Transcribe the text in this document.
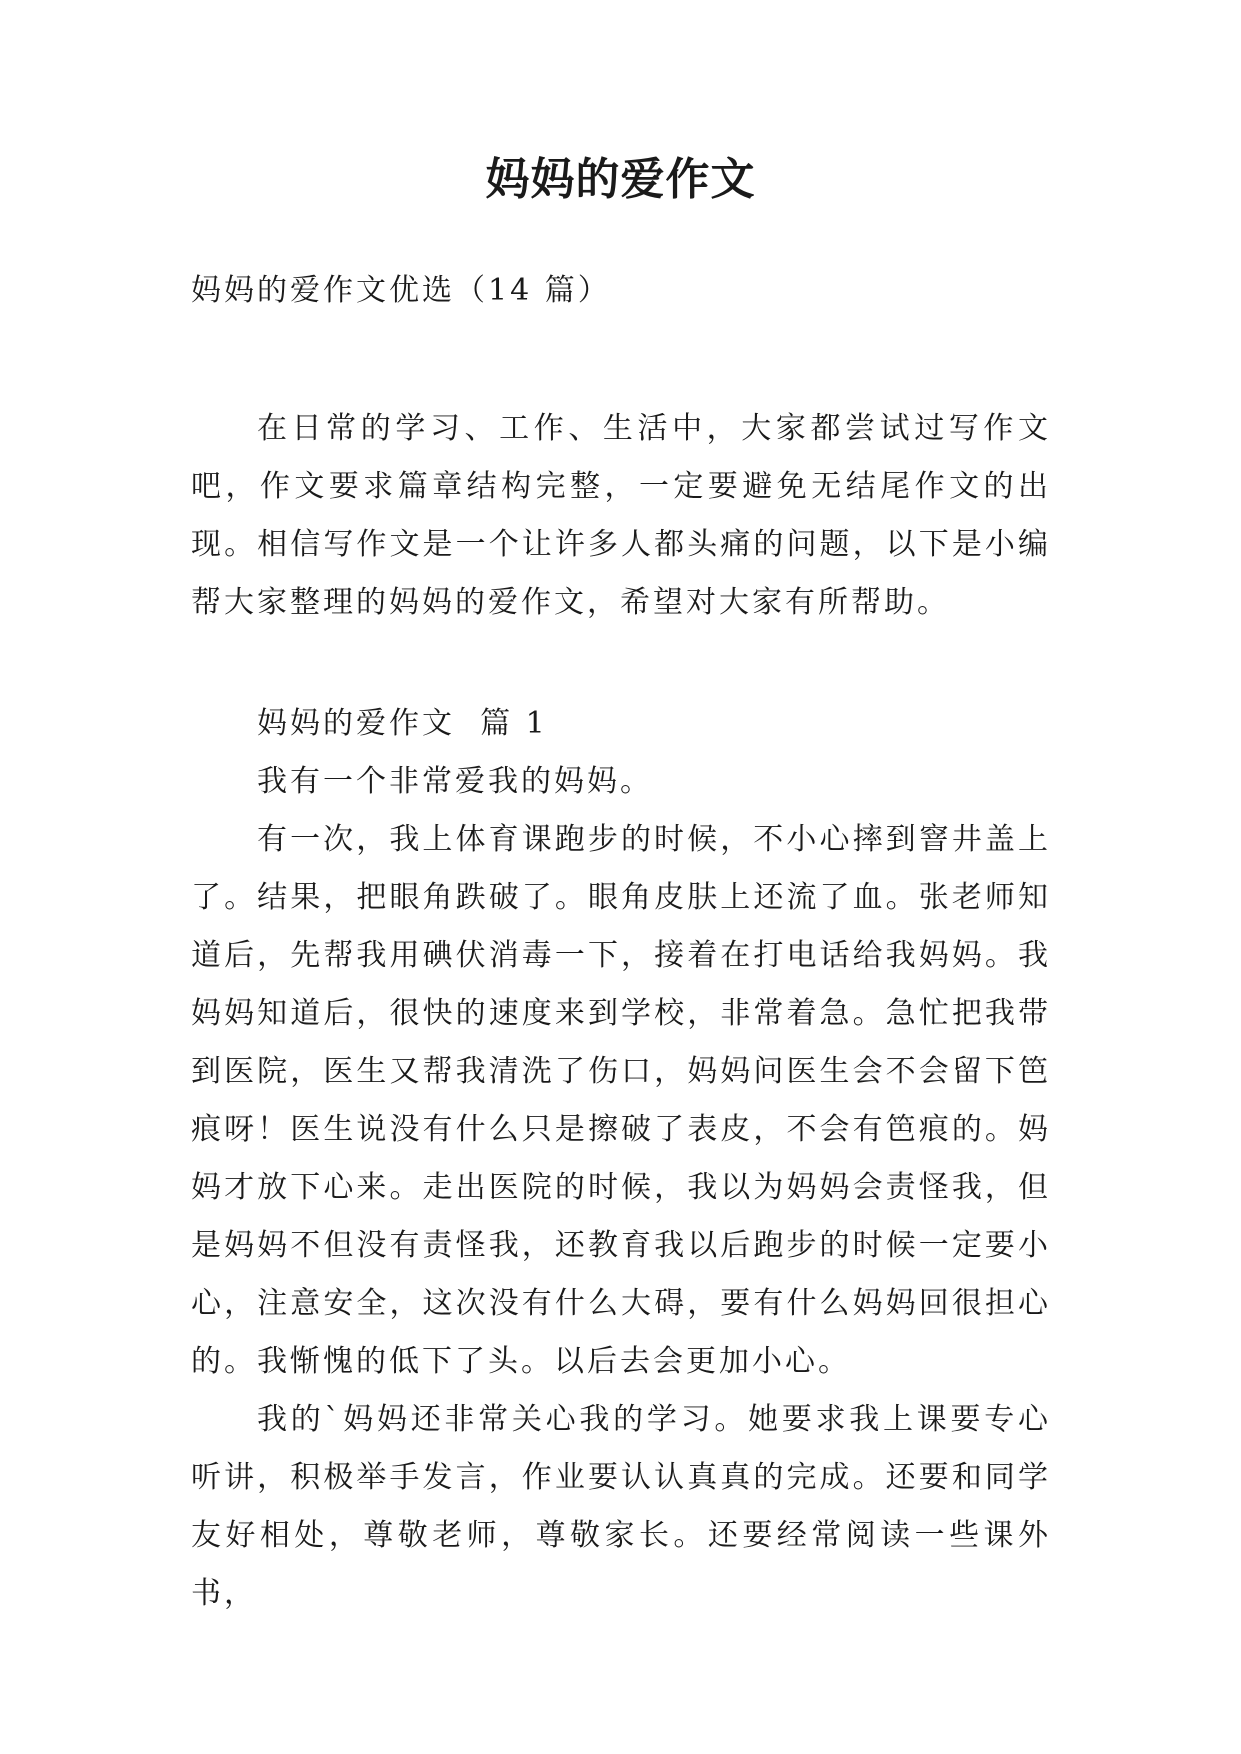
妈妈的爱作文

妈妈的爱作文优选（14 篇）

在日常的学习、工作、生活中，大家都尝试过写作文吧，作文要求篇章结构完整，一定要避免无结尾作文的出现。相信写作文是一个让许多人都头痛的问题，以下是小编帮大家整理的妈妈的爱作文，希望对大家有所帮助。

妈妈的爱作文  篇 1

我有一个非常爱我的妈妈。

有一次，我上体育课跑步的时候，不小心摔到窨井盖上了。结果，把眼角跌破了。眼角皮肤上还流了血。张老师知道后，先帮我用碘伏消毒一下，接着在打电话给我妈妈。我妈妈知道后，很快的速度来到学校，非常着急。急忙把我带到医院，医生又帮我清洗了伤口，妈妈问医生会不会留下笆痕呀！医生说没有什么只是擦破了表皮，不会有笆痕的。妈妈才放下心来。走出医院的时候，我以为妈妈会责怪我，但是妈妈不但没有责怪我，还教育我以后跑步的时候一定要小心，注意安全，这次没有什么大碍，要有什么妈妈回很担心的。我惭愧的低下了头。以后去会更加小心。

我的`妈妈还非常关心我的学习。她要求我上课要专心听讲，积极举手发言，作业要认认真真的完成。还要和同学友好相处，尊敬老师，尊敬家长。还要经常阅读一些课外书，
